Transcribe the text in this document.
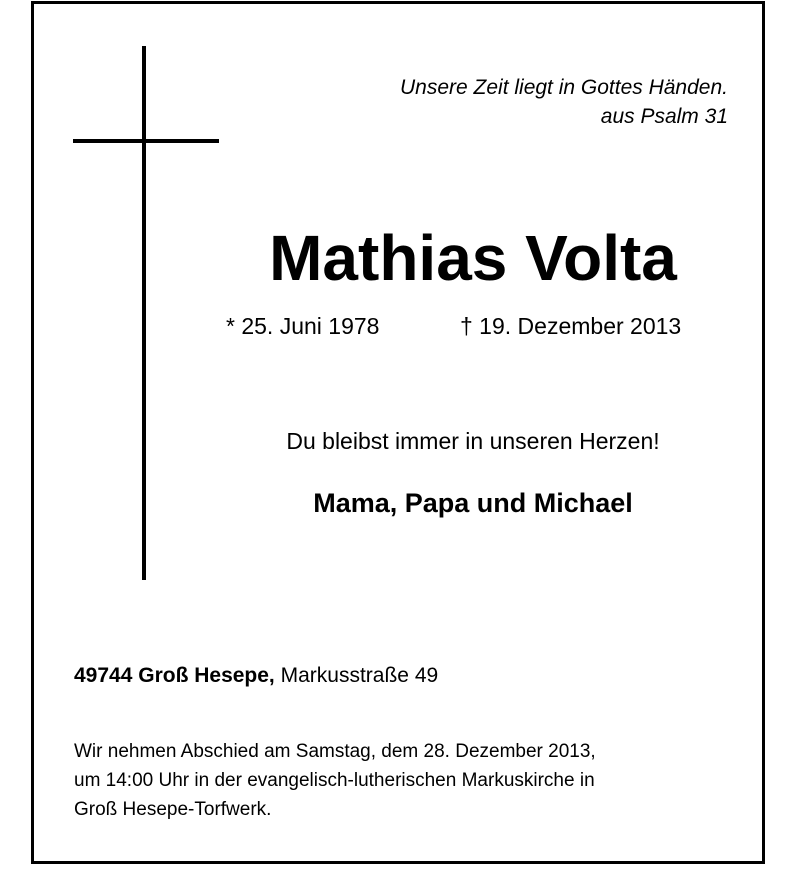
Unsere Zeit liegt in Gottes Händen.
aus Psalm 31
Mathias Volta
* 25. Juni 1978	† 19. Dezember 2013
Du bleibst immer in unseren Herzen!
Mama, Papa und Michael
49744 Groß Hesepe, Markusstraße 49
Wir nehmen Abschied am Samstag, dem 28. Dezember 2013,
um 14:00 Uhr in der evangelisch-lutherischen Markuskirche in
Groß Hesepe-Torfwerk.
